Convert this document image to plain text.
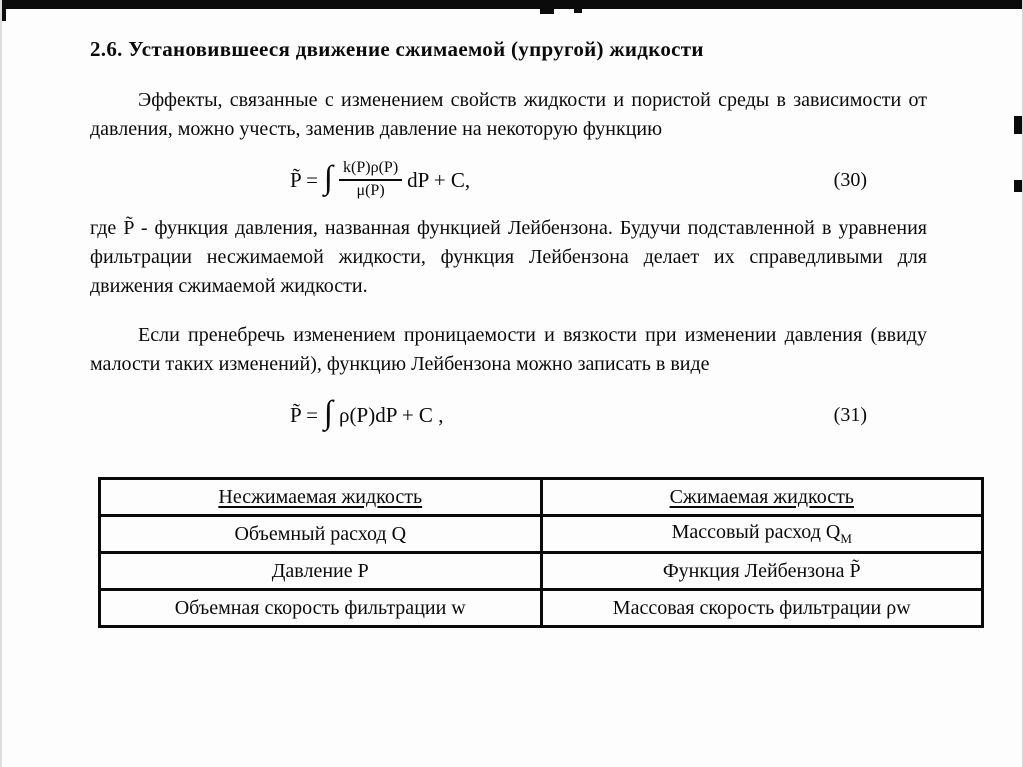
2.6. Установившееся движение сжимаемой (упругой) жидкости

Эффекты, связанные с изменением свойств жидкости и пористой среды в зависимости от давления, можно учесть, заменив давление на некоторую функцию

P̃ = ∫ $\frac{k(P)\rho(P)}{\mu(P)}$ dP + C,	(30)

где P̃ - функция давления, названная функцией Лейбензона. Будучи подставленной в уравнения фильтрации несжимаемой жидкости, функция Лейбензона делает их справедливыми для движения сжимаемой жидкости.

Если пренебречь изменением проницаемости и вязкости при изменении давления (ввиду малости таких изменений), функцию Лейбензона можно записать в виде

P̃ = ∫ ρ(P)dP + C ,	(31)
Несжимаемая жидкость	Сжимаемая жидкость
Объемный расход Q	Массовый расход $Q_М$
Давление P	Функция Лейбензона P̃
Объемная скорость фильтрации w	Массовая скорость фильтрации ρw
